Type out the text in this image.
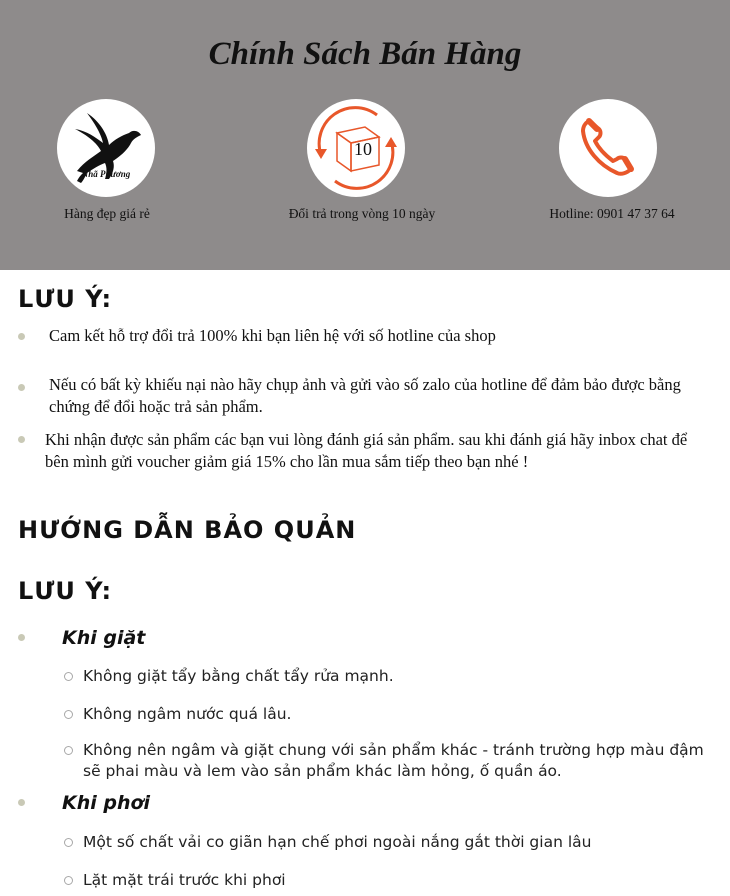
Chính Sách Bán Hàng
Nhã Phương
Hàng đẹp giá rẻ
10
Đổi trả trong vòng 10 ngày	Hotline: 0901 47 37 64
LƯU Ý:
Cam kết hỗ trợ đổi trả 100% khi bạn liên hệ với số hotline của shop
Nếu có bất kỳ khiếu nại nào hãy chụp ảnh và gửi vào số zalo của hotline để đảm bảo được bằng chứng để đổi hoặc trả sản phẩm.
Khi nhận được sản phẩm các bạn vui lòng đánh giá sản phẩm. sau khi đánh giá hãy inbox chat để bên mình gửi voucher giảm giá 15% cho lần mua sắm tiếp theo bạn nhé !
HƯỚNG DẪN BẢO QUẢN
LƯU Ý:
Khi giặt
Không giặt tẩy bằng chất tẩy rửa mạnh.
Không ngâm nước quá lâu.
Không nên ngâm và giặt chung với sản phẩm khác - tránh trường hợp màu đậm sẽ phai màu và lem vào sản phẩm khác làm hỏng, ố quần áo.
Khi phơi
Một số chất vải co giãn hạn chế phơi ngoài nắng gắt thời gian lâu
Lặt mặt trái trước khi phơi
